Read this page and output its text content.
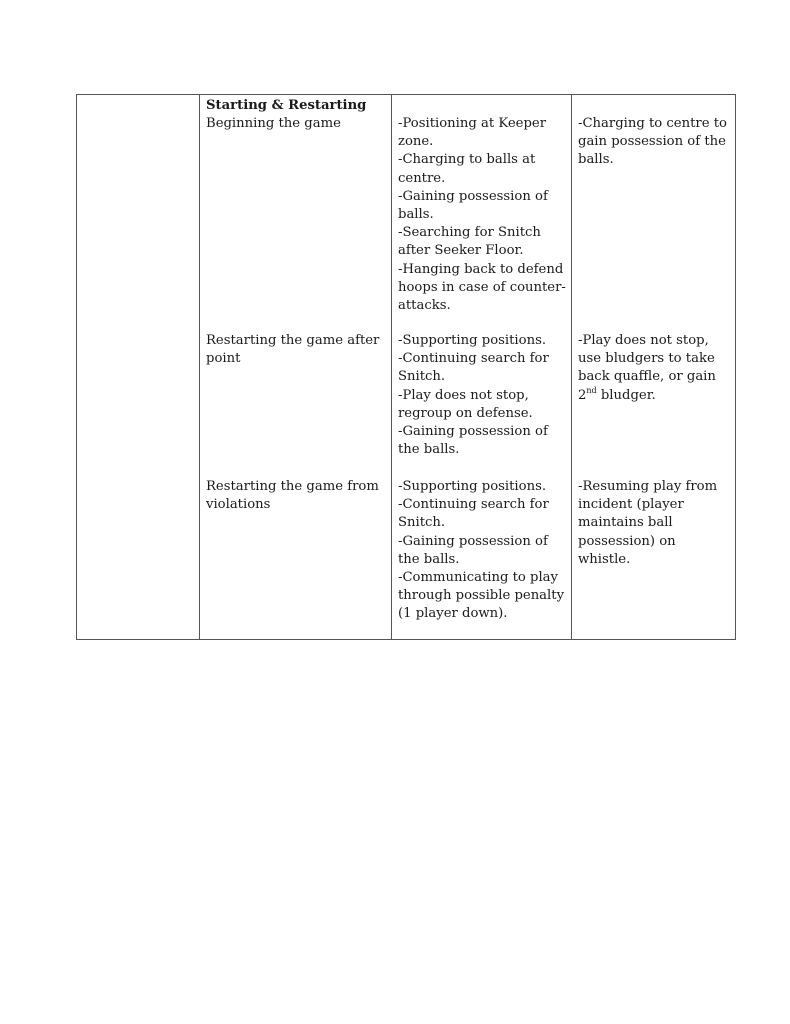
Starting & Restarting
Beginning the game	-Positioning at Keeper
zone.
-Charging to balls at
centre.
-Gaining possession of
balls.
-Searching for Snitch
after Seeker Floor.
-Hanging back to defend
hoops in case of counter-
attacks.
-Charging to centre to
gain possession of the
balls.
Restarting the game after
point
-Supporting positions.
-Continuing search for
Snitch.
-Play does not stop,
regroup on defense.
-Gaining possession of
the balls.
-Play does not stop,
use bludgers to take
back quaffle, or gain
2nd bludger.
Restarting the game from
violations
-Supporting positions.
-Continuing search for
Snitch.
-Gaining possession of
the balls.
-Communicating to play
through possible penalty
(1 player down).
-Resuming play from
incident (player
maintains ball
possession) on
whistle.
